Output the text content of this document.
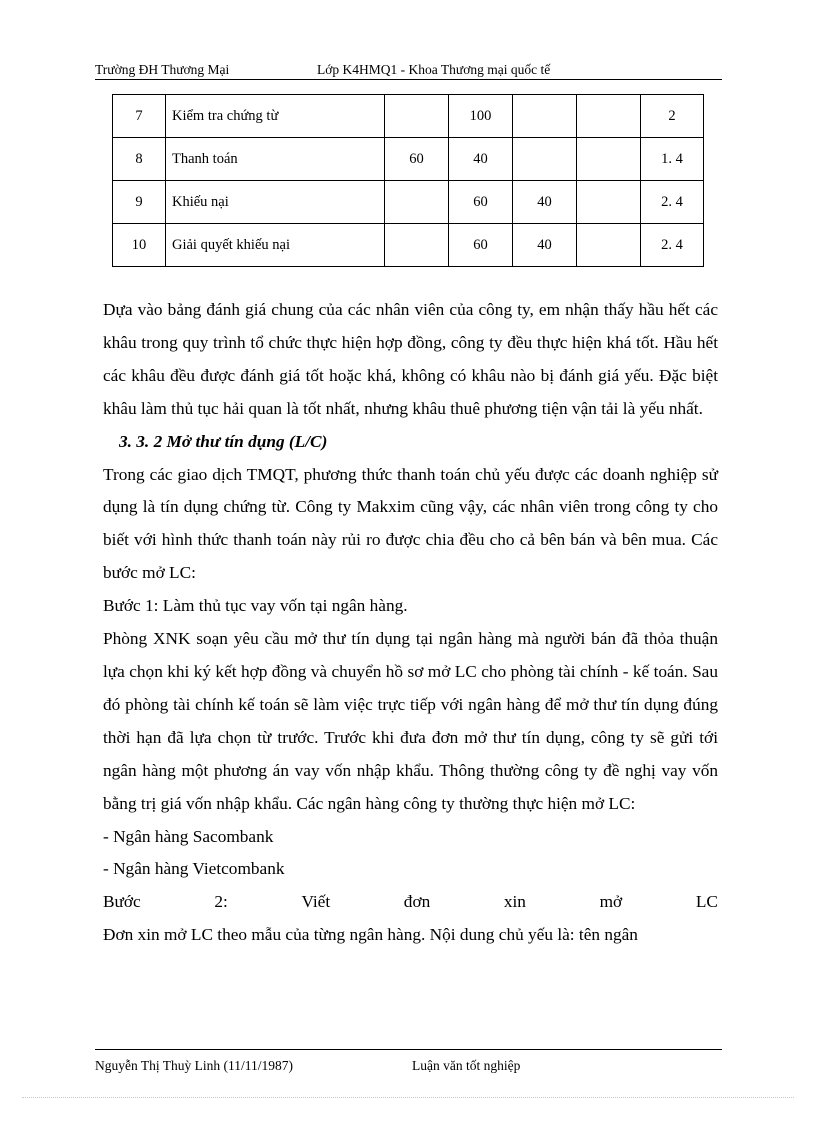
Trường ĐH Thương Mại	Lớp K4HMQ1 - Khoa Thương mại quốc tế
7	Kiểm tra chứng từ		100			2
8	Thanh toán	60	40			1. 4
9	Khiếu nại		60	40		2. 4
10	Giải quyết khiếu nại		60	40		2. 4

Dựa vào bảng đánh giá chung của các nhân viên của công ty, em nhận thấy hầu hết các khâu trong quy trình tổ chức thực hiện hợp đồng, công ty đều thực hiện khá tốt. Hầu hết các khâu đều được đánh giá tốt hoặc khá, không có khâu nào bị đánh giá yếu. Đặc biệt khâu làm thủ tục hải quan là tốt nhất, nhưng khâu thuê phương tiện vận tải là yếu nhất.

3. 3. 2 Mở thư tín dụng (L/C)

Trong các giao dịch TMQT, phương thức thanh toán chủ yếu được các doanh nghiệp sử dụng là tín dụng chứng từ. Công ty Makxim cũng vậy, các nhân viên trong công ty cho biết với hình thức thanh toán này rủi ro được chia đều cho cả bên bán và bên mua. Các bước mở LC:

Bước 1: Làm thủ tục vay vốn tại ngân hàng.

Phòng XNK soạn yêu cầu mở thư tín dụng tại ngân hàng mà người bán đã thỏa thuận lựa chọn khi ký kết hợp đồng và chuyển hồ sơ mở LC cho phòng tài chính - kế toán. Sau đó phòng tài chính kế toán sẽ làm việc trực tiếp với ngân hàng để mở thư tín dụng đúng thời hạn đã lựa chọn từ trước. Trước khi đưa đơn mở thư tín dụng, công ty sẽ gửi tới ngân hàng một phương án vay vốn nhập khẩu. Thông thường công ty đề nghị vay vốn bằng trị giá vốn nhập khẩu. Các ngân hàng công ty thường thực hiện mở LC:

- Ngân hàng Sacombank

- Ngân hàng Vietcombank

Bước	2:	Viết	đơn	xin	mở	LC

Đơn xin mở LC theo mẫu của từng ngân hàng. Nội dung chủ yếu là: tên ngân

Nguyễn Thị Thuỳ Linh (11/11/1987)	Luận văn tốt nghiệp
